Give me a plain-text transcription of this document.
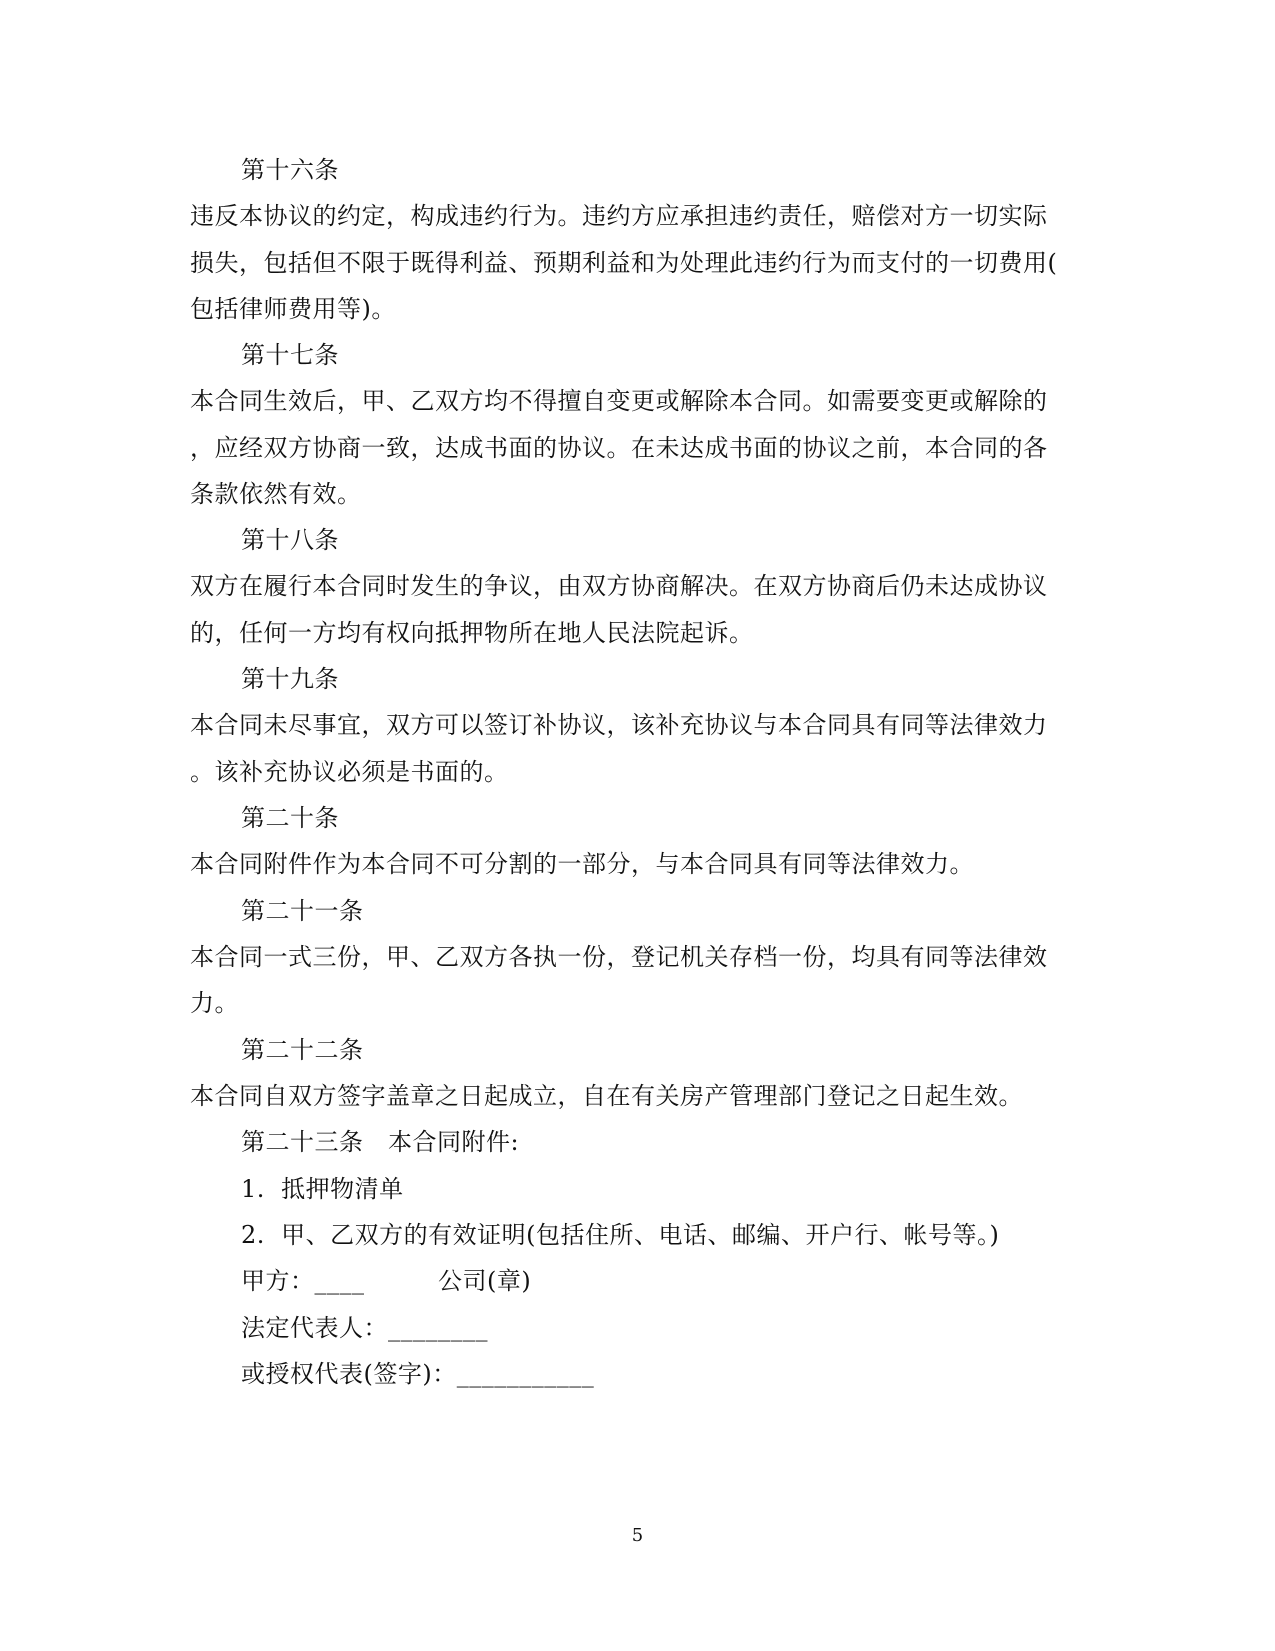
第十六条
违反本协议的约定，构成违约行为。违约方应承担违约责任，赔偿对方一切实际
损失，包括但不限于既得利益、预期利益和为处理此违约行为而支付的一切费用(
包括律师费用等)。
第十七条
本合同生效后，甲、乙双方均不得擅自变更或解除本合同。如需要变更或解除的
，应经双方协商一致，达成书面的协议。在未达成书面的协议之前，本合同的各
条款依然有效。
第十八条
双方在履行本合同时发生的争议，由双方协商解决。在双方协商后仍未达成协议
的，任何一方均有权向抵押物所在地人民法院起诉。
第十九条
本合同未尽事宜，双方可以签订补协议，该补充协议与本合同具有同等法律效力
。该补充协议必须是书面的。
第二十条
本合同附件作为本合同不可分割的一部分，与本合同具有同等法律效力。
第二十一条
本合同一式三份，甲、乙双方各执一份，登记机关存档一份，均具有同等法律效
力。
第二十二条
本合同自双方签字盖章之日起成立，自在有关房产管理部门登记之日起生效。
第二十三条　本合同附件:
1.  抵押物清单
2.  甲、乙双方的有效证明(包括住所、电话、邮编、开户行、帐号等。)
甲方：____　　　公司(章)
法定代表人：________
或授权代表(签字)：___________
5
